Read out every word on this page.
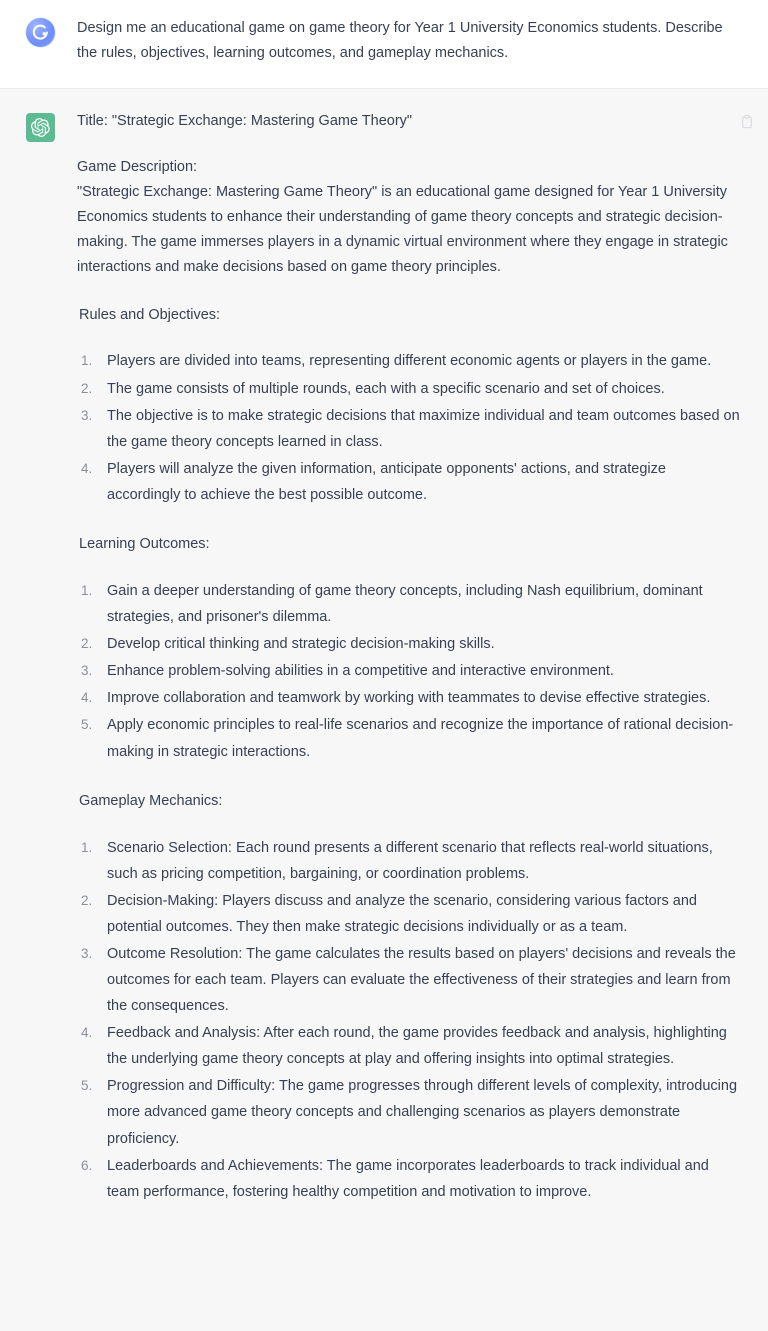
Design me an educational game on game theory for Year 1 University Economics students. Describe the rules, objectives, learning outcomes, and gameplay mechanics.

Title: "Strategic Exchange: Mastering Game Theory"
Game Description:
"Strategic Exchange: Mastering Game Theory" is an educational game designed for Year 1 University Economics students to enhance their understanding of game theory concepts and strategic decision-making. The game immerses players in a dynamic virtual environment where they engage in strategic interactions and make decisions based on game theory principles.
Rules and Objectives:
Players are divided into teams, representing different economic agents or players in the game.
The game consists of multiple rounds, each with a specific scenario and set of choices.
The objective is to make strategic decisions that maximize individual and team outcomes based on the game theory concepts learned in class.
Players will analyze the given information, anticipate opponents' actions, and strategize accordingly to achieve the best possible outcome.
Learning Outcomes:
Gain a deeper understanding of game theory concepts, including Nash equilibrium, dominant strategies, and prisoner's dilemma.
Develop critical thinking and strategic decision-making skills.
Enhance problem-solving abilities in a competitive and interactive environment.
Improve collaboration and teamwork by working with teammates to devise effective strategies.
Apply economic principles to real-life scenarios and recognize the importance of rational decision-making in strategic interactions.
Gameplay Mechanics:
Scenario Selection: Each round presents a different scenario that reflects real-world situations, such as pricing competition, bargaining, or coordination problems.
Decision-Making: Players discuss and analyze the scenario, considering various factors and potential outcomes. They then make strategic decisions individually or as a team.
Outcome Resolution: The game calculates the results based on players' decisions and reveals the outcomes for each team. Players can evaluate the effectiveness of their strategies and learn from the consequences.
Feedback and Analysis: After each round, the game provides feedback and analysis, highlighting the underlying game theory concepts at play and offering insights into optimal strategies.
Progression and Difficulty: The game progresses through different levels of complexity, introducing more advanced game theory concepts and challenging scenarios as players demonstrate proficiency.
Leaderboards and Achievements: The game incorporates leaderboards to track individual and team performance, fostering healthy competition and motivation to improve.
